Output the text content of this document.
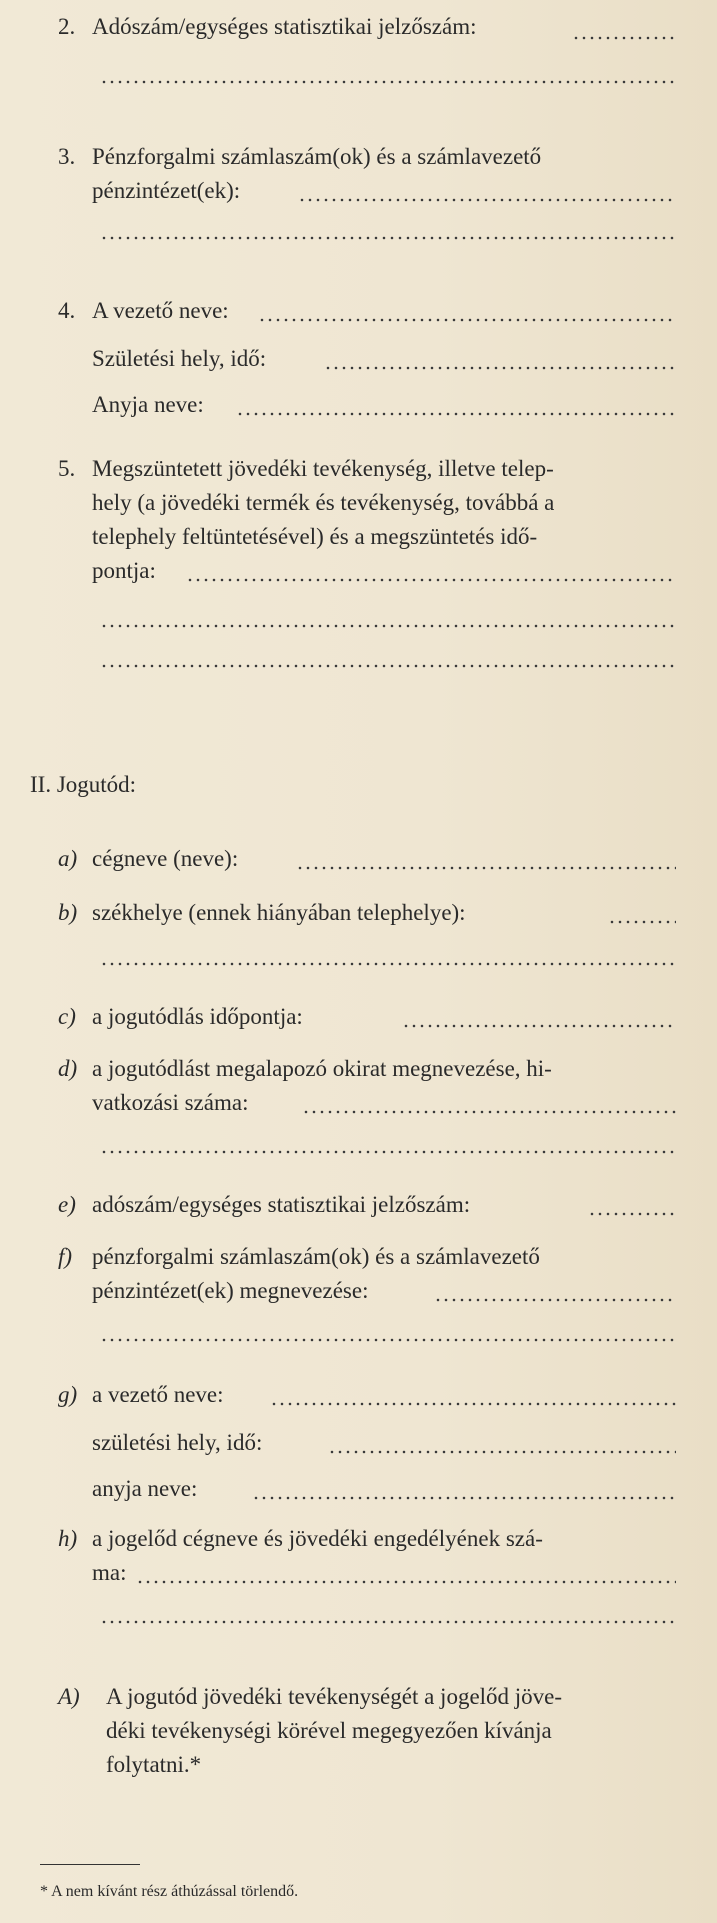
2. Adószám/egységes statisztikai jelzőszám:
3. Pénzforgalmi számlaszám(ok) és a számlavezető
pénzintézet(ek):
4. A vezető neve:
Születési hely, idő:
Anyja neve:
5. Megszüntetett jövedéki tevékenység, illetve telep-
hely (a jövedéki termék és tevékenység, továbbá a
telephely feltüntetésével) és a megszüntetés idő-
pontja:
II. Jogutód:
a) cégneve (neve):
b) székhelye (ennek hiányában telephelye):
c) a jogutódlás időpontja:
d) a jogutódlást megalapozó okirat megnevezése, hi-
vatkozási száma:
e) adószám/egységes statisztikai jelzőszám:
f) pénzforgalmi számlaszám(ok) és a számlavezető
pénzintézet(ek) megnevezése:
g) a vezető neve:
születési hely, idő:
anyja neve:
h) a jogelőd cégneve és jövedéki engedélyének szá-
ma:
A) A jogutód jövedéki tevékenységét a jogelőd jöve-
déki tevékenységi körével megegyezően kívánja
folytatni.*
* A nem kívánt rész áthúzással törlendő.
